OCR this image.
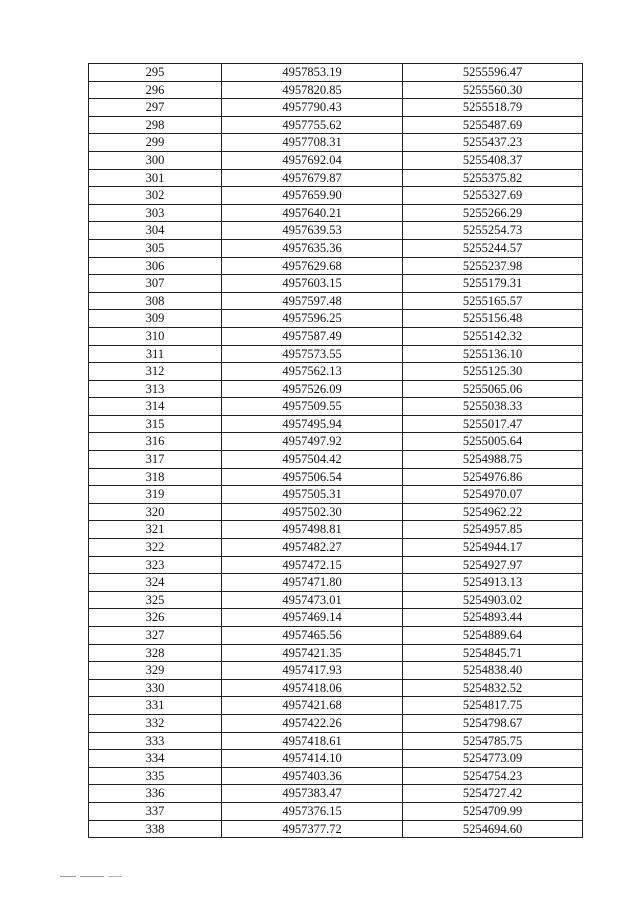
295	4957853.19	5255596.47
296	4957820.85	5255560.30
297	4957790.43	5255518.79
298	4957755.62	5255487.69
299	4957708.31	5255437.23
300	4957692.04	5255408.37
301	4957679.87	5255375.82
302	4957659.90	5255327.69
303	4957640.21	5255266.29
304	4957639.53	5255254.73
305	4957635.36	5255244.57
306	4957629.68	5255237.98
307	4957603.15	5255179.31
308	4957597.48	5255165.57
309	4957596.25	5255156.48
310	4957587.49	5255142.32
311	4957573.55	5255136.10
312	4957562.13	5255125.30
313	4957526.09	5255065.06
314	4957509.55	5255038.33
315	4957495.94	5255017.47
316	4957497.92	5255005.64
317	4957504.42	5254988.75
318	4957506.54	5254976.86
319	4957505.31	5254970.07
320	4957502.30	5254962.22
321	4957498.81	5254957.85
322	4957482.27	5254944.17
323	4957472.15	5254927.97
324	4957471.80	5254913.13
325	4957473.01	5254903.02
326	4957469.14	5254893.44
327	4957465.56	5254889.64
328	4957421.35	5254845.71
329	4957417.93	5254838.40
330	4957418.06	5254832.52
331	4957421.68	5254817.75
332	4957422.26	5254798.67
333	4957418.61	5254785.75
334	4957414.10	5254773.09
335	4957403.36	5254754.23
336	4957383.47	5254727.42
337	4957376.15	5254709.99
338	4957377.72	5254694.60
